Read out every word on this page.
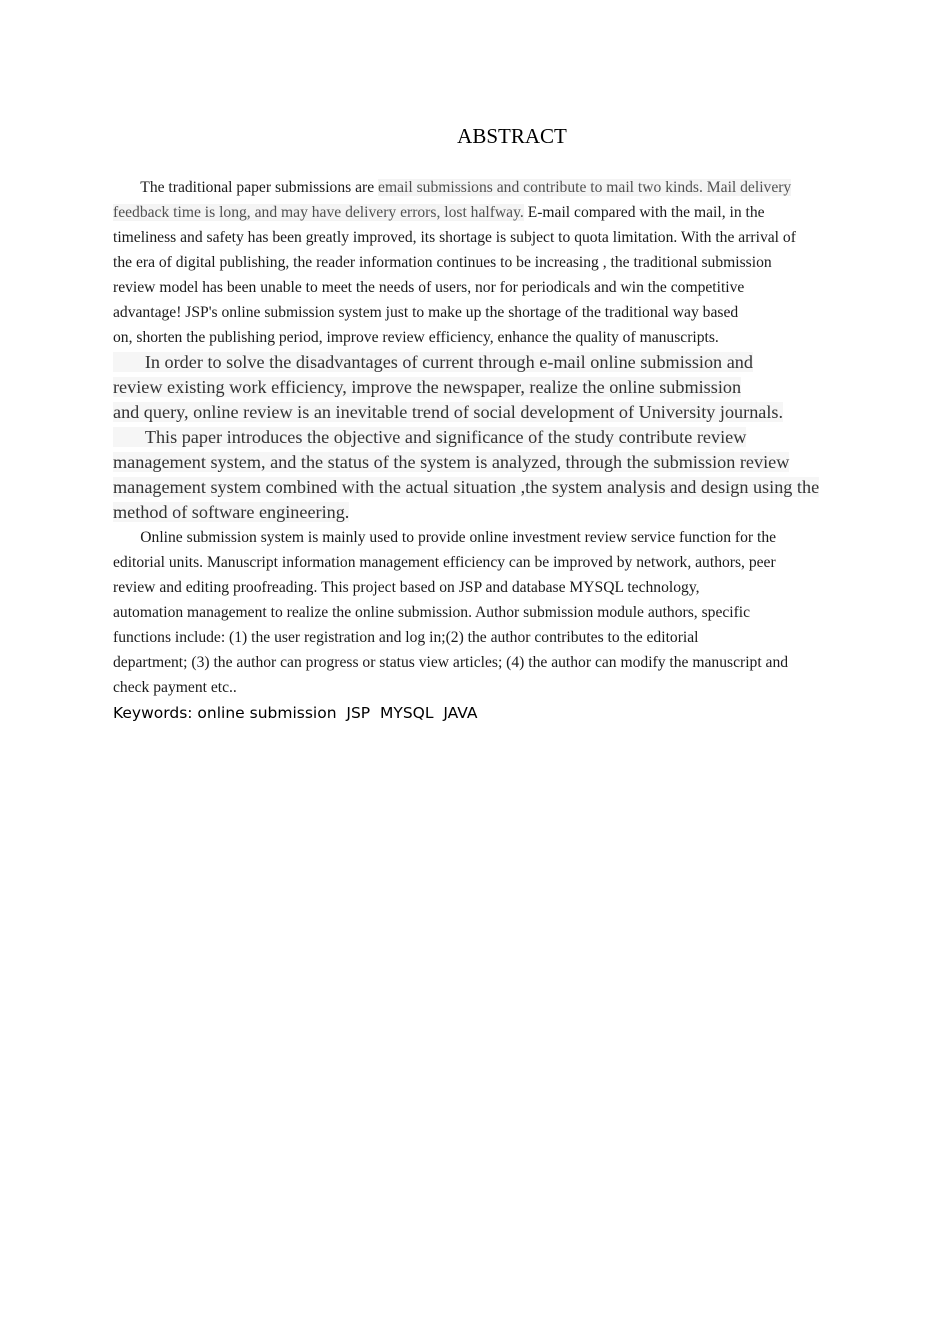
ABSTRACT
The traditional paper submissions are email submissions and contribute to mail two kinds. Mail delivery
feedback time is long, and may have delivery errors, lost halfway. E-mail compared with the mail, in the
timeliness and safety has been greatly improved, its shortage is subject to quota limitation. With the arrival of
the era of digital publishing, the reader information continues to be increasing , the traditional submission
review model has been unable to meet the needs of users, nor for periodicals and win the competitive
advantage! JSP's online submission system just to make up the shortage of the traditional way based
on, shorten the publishing period, improve review efficiency, enhance the quality of manuscripts.
In order to solve the disadvantages of current through e-mail online submission and
review existing work efficiency, improve the newspaper, realize the online submission
and query, online review is an inevitable trend of social development of University journals.
This paper introduces the objective and significance of the study contribute review
management system, and the status of the system is analyzed, through the submission review
management system combined with the actual situation ,the system analysis and design using the
method of software engineering.
Online submission system is mainly used to provide online investment review service function for the
editorial units. Manuscript information management efficiency can be improved by network, authors, peer
review and editing proofreading. This project based on JSP and database MYSQL technology,
automation management to realize the online submission. Author submission module authors, specific
functions include: (1) the user registration and log in;(2) the author contributes to the editorial
department; (3) the author can progress or status view articles; (4) the author can modify the manuscript and
check payment etc..
Keywords: online submission  JSP  MYSQL  JAVA
